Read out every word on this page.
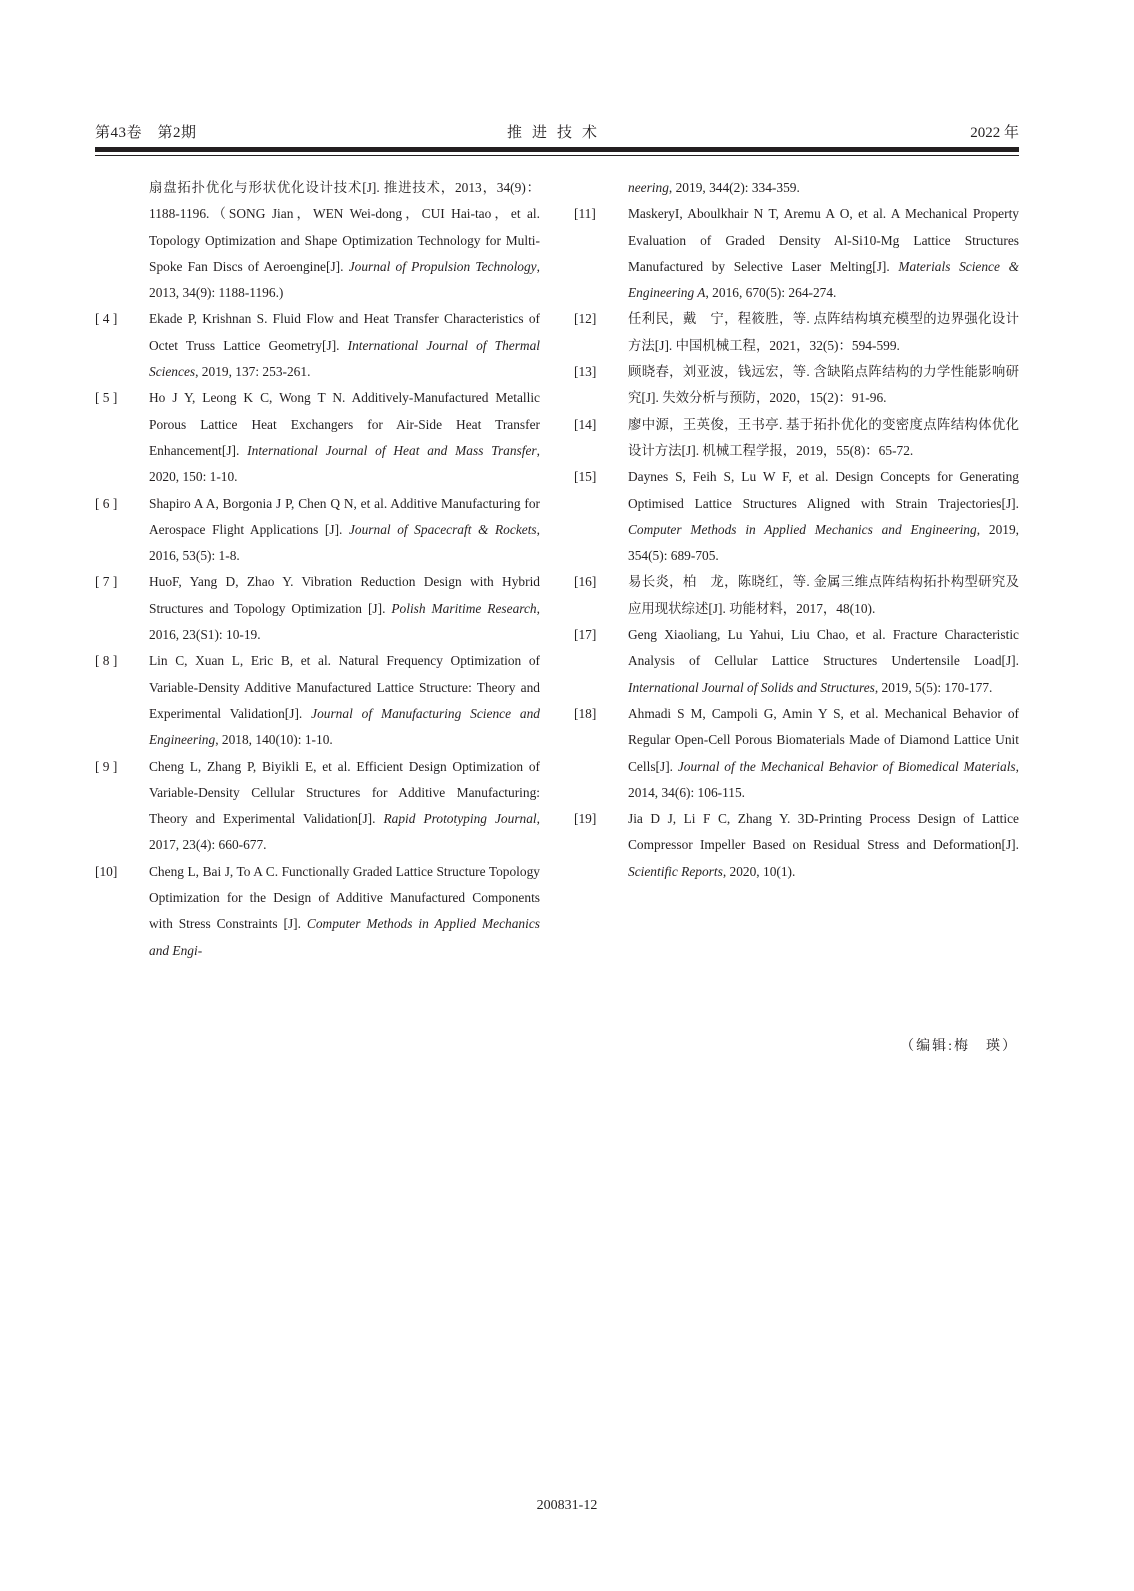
第43卷　第2期	推进技术	2022 年
扇盘拓扑优化与形状优化设计技术[J]. 推进技术，2013，34(9)：1188-1196.（SONG Jian，WEN Wei-dong，CUI Hai-tao，et al. Topology Optimization and Shape Optimization Technology for Multi-Spoke Fan Discs of Aeroengine[J]. Journal of Propulsion Technology, 2013, 34(9): 1188-1196.)
[ 4 ]	Ekade P, Krishnan S. Fluid Flow and Heat Transfer Characteristics of Octet Truss Lattice Geometry[J]. International Journal of Thermal Sciences, 2019, 137: 253-261.
[ 5 ]	Ho J Y, Leong K C, Wong T N. Additively-Manufactured Metallic Porous Lattice Heat Exchangers for Air-Side Heat Transfer Enhancement[J]. International Journal of Heat and Mass Transfer, 2020, 150: 1-10.
[ 6 ]	Shapiro A A, Borgonia J P, Chen Q N, et al. Additive Manufacturing for Aerospace Flight Applications [J]. Journal of Spacecraft & Rockets, 2016, 53(5): 1-8.
[ 7 ]	HuoF, Yang D, Zhao Y. Vibration Reduction Design with Hybrid Structures and Topology Optimization [J]. Polish Maritime Research, 2016, 23(S1): 10-19.
[ 8 ]	Lin C, Xuan L, Eric B, et al. Natural Frequency Optimization of Variable-Density Additive Manufactured Lattice Structure: Theory and Experimental Validation[J]. Journal of Manufacturing Science and Engineering, 2018, 140(10): 1-10.
[ 9 ]	Cheng L, Zhang P, Biyikli E, et al. Efficient Design Optimization of Variable-Density Cellular Structures for Additive Manufacturing: Theory and Experimental Validation[J]. Rapid Prototyping Journal, 2017, 23(4): 660-677.
[10]	Cheng L, Bai J, To A C. Functionally Graded Lattice Structure Topology Optimization for the Design of Additive Manufactured Components with Stress Constraints [J]. Computer Methods in Applied Mechanics and Engi-
neering, 2019, 344(2): 334-359.
[11]	MaskeryI, Aboulkhair N T, Aremu A O, et al. A Mechanical Property Evaluation of Graded Density Al-Si10-Mg Lattice Structures Manufactured by Selective Laser Melting[J]. Materials Science & Engineering A, 2016, 670(5): 264-274.
[12]	任利民，戴　宁，程筱胜，等. 点阵结构填充模型的边界强化设计方法[J]. 中国机械工程，2021，32(5)：594-599.
[13]	顾晓春，刘亚波，钱远宏，等. 含缺陷点阵结构的力学性能影响研究[J]. 失效分析与预防，2020，15(2)：91-96.
[14]	廖中源，王英俊，王书亭. 基于拓扑优化的变密度点阵结构体优化设计方法[J]. 机械工程学报，2019，55(8)：65-72.
[15]	Daynes S, Feih S, Lu W F, et al. Design Concepts for Generating Optimised Lattice Structures Aligned with Strain Trajectories[J]. Computer Methods in Applied Mechanics and Engineering, 2019, 354(5): 689-705.
[16]	易长炎，柏　龙，陈晓红，等. 金属三维点阵结构拓扑构型研究及应用现状综述[J]. 功能材料，2017，48(10).
[17]	Geng Xiaoliang, Lu Yahui, Liu Chao, et al. Fracture Characteristic Analysis of Cellular Lattice Structures Undertensile Load[J]. International Journal of Solids and Structures, 2019, 5(5): 170-177.
[18]	Ahmadi S M, Campoli G, Amin Y S, et al. Mechanical Behavior of Regular Open-Cell Porous Biomaterials Made of Diamond Lattice Unit Cells[J]. Journal of the Mechanical Behavior of Biomedical Materials, 2014, 34(6): 106-115.
[19]	Jia D J, Li F C, Zhang Y. 3D-Printing Process Design of Lattice Compressor Impeller Based on Residual Stress and Deformation[J]. Scientific Reports, 2020, 10(1).
（编辑:梅　瑛）
200831-12
